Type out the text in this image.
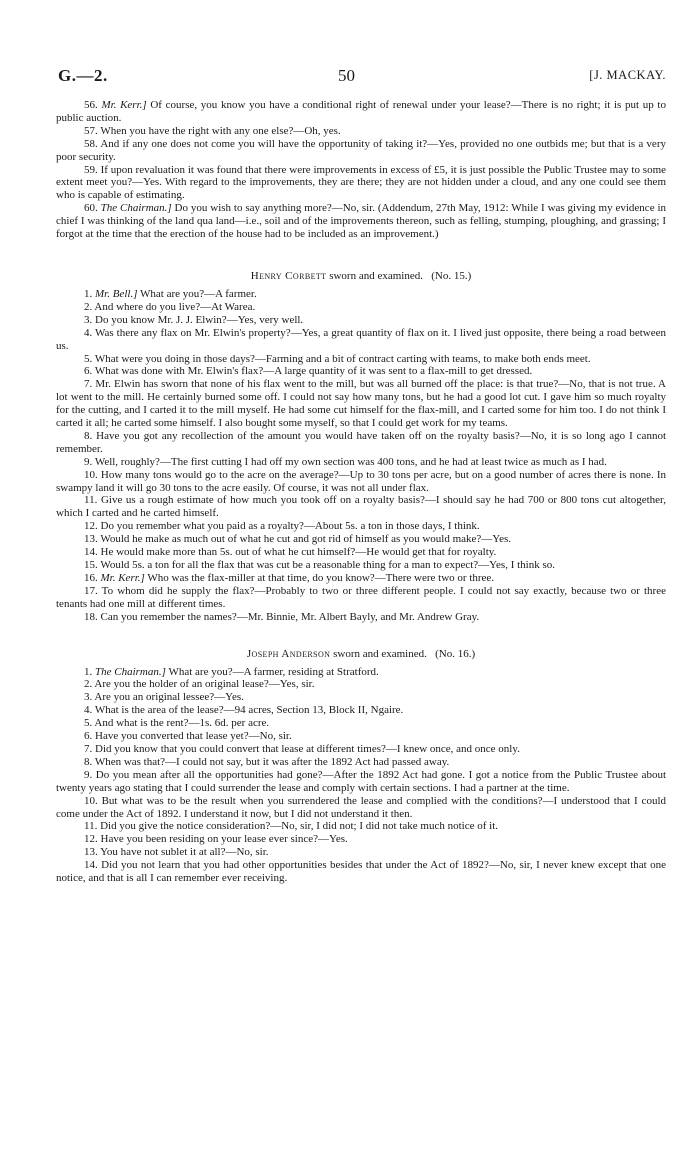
G.—2.	50	[J. MACKAY.

56. Mr. Kerr.] Of course, you know you have a conditional right of renewal under your lease?—There is no right; it is put up to public auction.

57. When you have the right with any one else?—Oh, yes.

58. And if any one does not come you will have the opportunity of taking it?—Yes, provided no one outbids me; but that is a very poor security.

59. If upon revaluation it was found that there were improvements in excess of £5, it is just possible the Public Trustee may to some extent meet you?—Yes. With regard to the improvements, they are there; they are not hidden under a cloud, and any one could see them who is capable of estimating.

60. The Chairman.] Do you wish to say anything more?—No, sir. (Addendum, 27th May, 1912: While I was giving my evidence in chief I was thinking of the land qua land—i.e., soil and of the improvements thereon, such as felling, stumping, ploughing, and grassing; I forgot at the time that the erection of the house had to be included as an improvement.)

Henry Corbett sworn and examined. (No. 15.)

1. Mr. Bell.] What are you?—A farmer.

2. And where do you live?—At Warea.

3. Do you know Mr. J. J. Elwin?—Yes, very well.

4. Was there any flax on Mr. Elwin's property?—Yes, a great quantity of flax on it. I lived just opposite, there being a road between us.

5. What were you doing in those days?—Farming and a bit of contract carting with teams, to make both ends meet.

6. What was done with Mr. Elwin's flax?—A large quantity of it was sent to a flax-mill to get dressed.

7. Mr. Elwin has sworn that none of his flax went to the mill, but was all burned off the place: is that true?—No, that is not true. A lot went to the mill. He certainly burned some off. I could not say how many tons, but he had a good lot cut. I gave him so much royalty for the cutting, and I carted it to the mill myself. He had some cut himself for the flax-mill, and I carted some for him too. I do not think I carted it all; he carted some himself. I also bought some myself, so that I could get work for my teams.

8. Have you got any recollection of the amount you would have taken off on the royalty basis?—No, it is so long ago I cannot remember.

9. Well, roughly?—The first cutting I had off my own section was 400 tons, and he had at least twice as much as I had.

10. How many tons would go to the acre on the average?—Up to 30 tons per acre, but on a good number of acres there is none. In swampy land it will go 30 tons to the acre easily. Of course, it was not all under flax.

11. Give us a rough estimate of how much you took off on a royalty basis?—I should say he had 700 or 800 tons cut altogether, which I carted and he carted himself.

12. Do you remember what you paid as a royalty?—About 5s. a ton in those days, I think.

13. Would he make as much out of what he cut and got rid of himself as you would make?—Yes.

14. He would make more than 5s. out of what he cut himself?—He would get that for royalty.

15. Would 5s. a ton for all the flax that was cut be a reasonable thing for a man to expect?—Yes, I think so.

16. Mr. Kerr.] Who was the flax-miller at that time, do you know?—There were two or three.

17. To whom did he supply the flax?—Probably to two or three different people. I could not say exactly, because two or three tenants had one mill at different times.

18. Can you remember the names?—Mr. Binnie, Mr. Albert Bayly, and Mr. Andrew Gray.

Joseph Anderson sworn and examined. (No. 16.)

1. The Chairman.] What are you?—A farmer, residing at Stratford.

2. Are you the holder of an original lease?—Yes, sir.

3. Are you an original lessee?—Yes.

4. What is the area of the lease?—94 acres, Section 13, Block II, Ngaire.

5. And what is the rent?—1s. 6d. per acre.

6. Have you converted that lease yet?—No, sir.

7. Did you know that you could convert that lease at different times?—I knew once, and once only.

8. When was that?—I could not say, but it was after the 1892 Act had passed away.

9. Do you mean after all the opportunities had gone?—After the 1892 Act had gone. I got a notice from the Public Trustee about twenty years ago stating that I could surrender the lease and comply with certain sections. I had a partner at the time.

10. But what was to be the result when you surrendered the lease and complied with the conditions?—I understood that I could come under the Act of 1892. I understand it now, but I did not understand it then.

11. Did you give the notice consideration?—No, sir, I did not; I did not take much notice of it.

12. Have you been residing on your lease ever since?—Yes.

13. You have not sublet it at all?—No, sir.

14. Did you not learn that you had other opportunities besides that under the Act of 1892?—No, sir, I never knew except that one notice, and that is all I can remember ever receiving.
